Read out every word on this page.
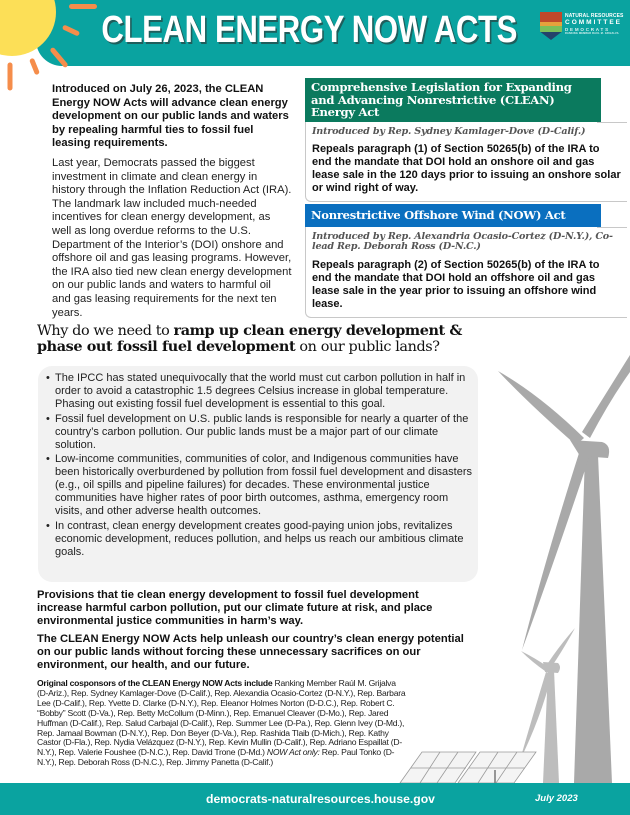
CLEAN ENERGY NOW ACTS	NATURAL RESOURCES
COMMITTEE
DEMOCRATS
RANKING MEMBER RAÚL M. GRIJALVA

Introduced on July 26, 2023, the CLEAN Energy NOW Acts will advance clean energy development on our public lands and waters by repealing harmful ties to fossil fuel leasing requirements.

Last year, Democrats passed the biggest investment in climate and clean energy in history through the Inflation Reduction Act (IRA). The landmark law included much-needed incentives for clean energy development, as well as long overdue reforms to the U.S. Department of the Interior’s (DOI) onshore and offshore oil and gas leasing programs. However, the IRA also tied new clean energy development on our public lands and waters to harmful oil and gas leasing requirements for the next ten years.

Comprehensive Legislation for Expanding and Advancing Nonrestrictive (CLEAN) Energy Act
Introduced by Rep. Sydney Kamlager-Dove (D-Calif.)
Repeals paragraph (1) of Section 50265(b) of the IRA to end the mandate that DOI hold an onshore oil and gas lease sale in the 120 days prior to issuing an onshore solar or wind right of way.
Nonrestrictive Offshore Wind (NOW) Act
Introduced by Rep. Alexandria Ocasio-Cortez (D-N.Y.), Co-lead Rep. Deborah Ross (D-N.C.)
Repeals paragraph (2) of Section 50265(b) of the IRA to end the mandate that DOI hold an offshore oil and gas lease sale in the year prior to issuing an offshore wind lease.
Why do we need to ramp up clean energy development & phase out fossil fuel development on our public lands?
• The IPCC has stated unequivocally that the world must cut carbon pollution in half in order to avoid a catastrophic 1.5 degrees Celsius increase in global temperature. Phasing out existing fossil fuel development is essential to this goal.
• Fossil fuel development on U.S. public lands is responsible for nearly a quarter of the country’s carbon pollution. Our public lands must be a major part of our climate solution.
• Low-income communities, communities of color, and Indigenous communities have been historically overburdened by pollution from fossil fuel development and disasters (e.g., oil spills and pipeline failures) for decades. These environmental justice communities have higher rates of poor birth outcomes, asthma, emergency room visits, and other adverse health outcomes.
• In contrast, clean energy development creates good-paying union jobs, revitalizes economic development, reduces pollution, and helps us reach our ambitious climate goals.

Provisions that tie clean energy development to fossil fuel development increase harmful carbon pollution, put our climate future at risk, and place environmental justice communities in harm’s way.

The CLEAN Energy NOW Acts help unleash our country’s clean energy potential on our public lands without forcing these unnecessary sacrifices on our environment, our health, and our future.

Original cosponsors of the CLEAN Energy NOW Acts include Ranking Member Raúl M. Grijalva (D-Ariz.), Rep. Sydney Kamlager-Dove (D-Calif.), Rep. Alexandia Ocasio-Cortez (D-N.Y.), Rep. Barbara Lee (D-Calif.), Rep. Yvette D. Clarke (D-N.Y.), Rep. Eleanor Holmes Norton (D-D.C.), Rep. Robert C. “Bobby” Scott (D-Va.), Rep. Betty McCollum (D-Minn.), Rep. Emanuel Cleaver (D-Mo.), Rep. Jared Huffman (D-Calif.), Rep. Salud Carbajal (D-Calif.), Rep. Summer Lee (D-Pa.), Rep. Glenn Ivey (D-Md.), Rep. Jamaal Bowman (D-N.Y.), Rep. Don Beyer (D-Va.), Rep. Rashida Tlaib (D-Mich.), Rep. Kathy Castor (D-Fla.), Rep. Nydia Velázquez (D-N.Y.), Rep. Kevin Mullin (D-Calif.), Rep. Adriano Espaillat (D-N.Y.), Rep. Valerie Foushee (D-N.C.), Rep. David Trone (D-Md.) NOW Act only: Rep. Paul Tonko (D-N.Y.), Rep. Deborah Ross (D-N.C.), Rep. Jimmy Panetta (D-Calif.)
democrats-naturalresources.house.gov	July 2023
